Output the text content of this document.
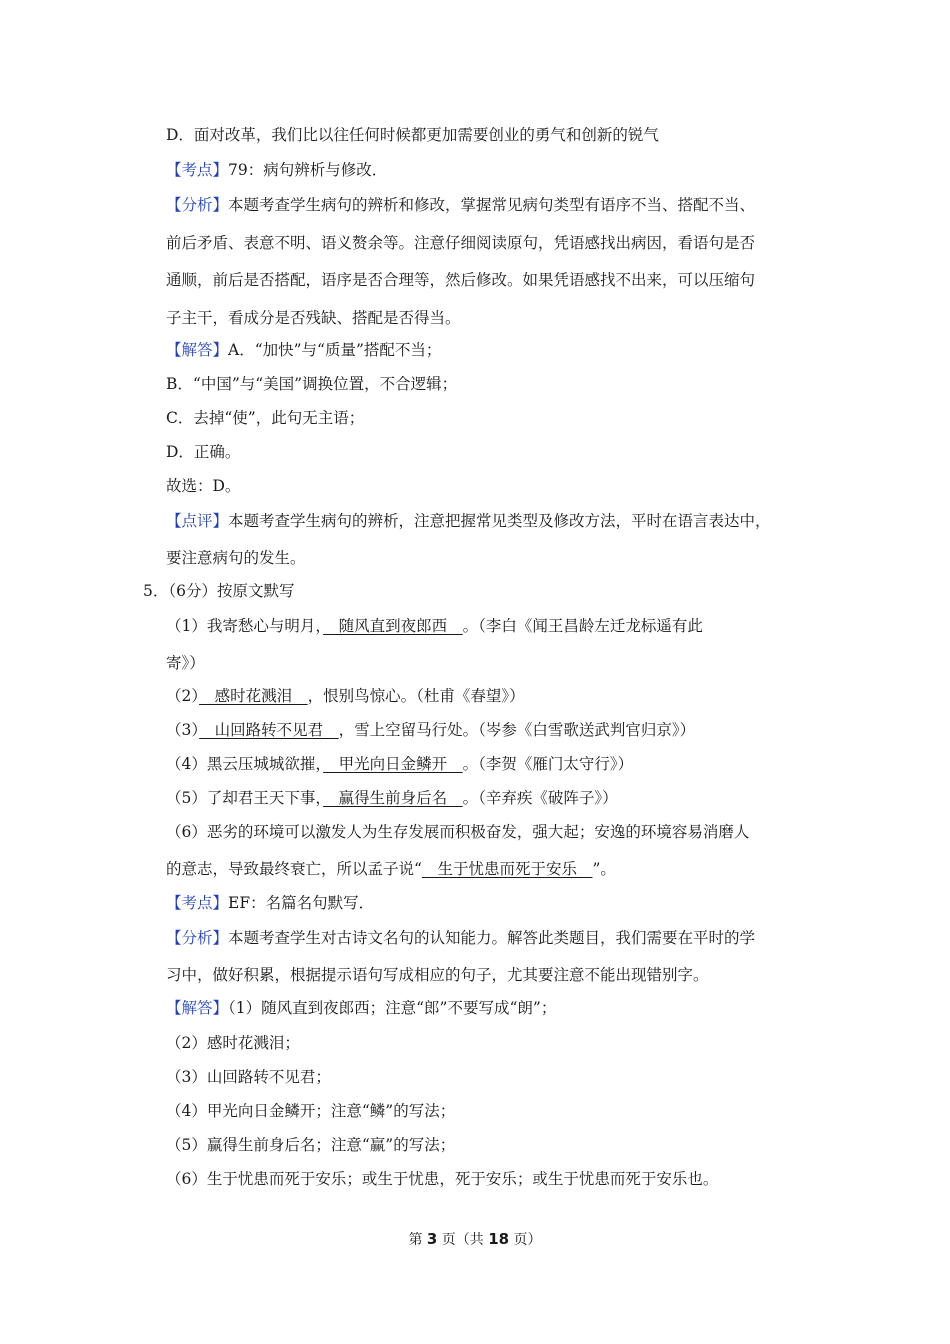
D．面对改革，我们比以往任何时候都更加需要创业的勇气和创新的锐气
【考点】79：病句辨析与修改．
【分析】本题考查学生病句的辨析和修改，掌握常见病句类型有语序不当、搭配不当、
前后矛盾、表意不明、语义赘余等。注意仔细阅读原句，凭语感找出病因，看语句是否
通顺，前后是否搭配，语序是否合理等，然后修改。如果凭语感找不出来，可以压缩句
子主干，看成分是否残缺、搭配是否得当。
【解答】A．“加快”与“质量”搭配不当；
B．“中国”与“美国”调换位置，不合逻辑；
C．去掉“使”，此句无主语；
D．正确。
故选：D。
【点评】本题考查学生病句的辨析，注意把握常见类型及修改方法，平时在语言表达中，
要注意病句的发生。
5．（6分）按原文默写
（1）我寄愁心与明月，　随风直到夜郎西　。（李白《闻王昌龄左迁龙标遥有此
寄》）
（2）　感时花溅泪　，恨别鸟惊心。（杜甫《春望》）
（3）　山回路转不见君　，雪上空留马行处。（岑参《白雪歌送武判官归京》）
（4）黑云压城城欲摧，　甲光向日金鳞开　。（李贺《雁门太守行》）
（5）了却君王天下事，　赢得生前身后名　。（辛弃疾《破阵子》）
（6）恶劣的环境可以激发人为生存发展而积极奋发，强大起；安逸的环境容易消磨人
的意志，导致最终衰亡，所以孟子说“　生于忧患而死于安乐　”。
【考点】EF：名篇名句默写．
【分析】本题考查学生对古诗文名句的认知能力。解答此类题目，我们需要在平时的学
习中，做好积累，根据提示语句写成相应的句子，尤其要注意不能出现错别字。
【解答】（1）随风直到夜郎西；注意“郎”不要写成“朗”；
（2）感时花溅泪；
（3）山回路转不见君；
（4）甲光向日金鳞开；注意“鳞”的写法；
（5）赢得生前身后名；注意“赢”的写法；
（6）生于忧患而死于安乐；或生于忧患，死于安乐；或生于忧患而死于安乐也。
第 3 页（共 18 页）
